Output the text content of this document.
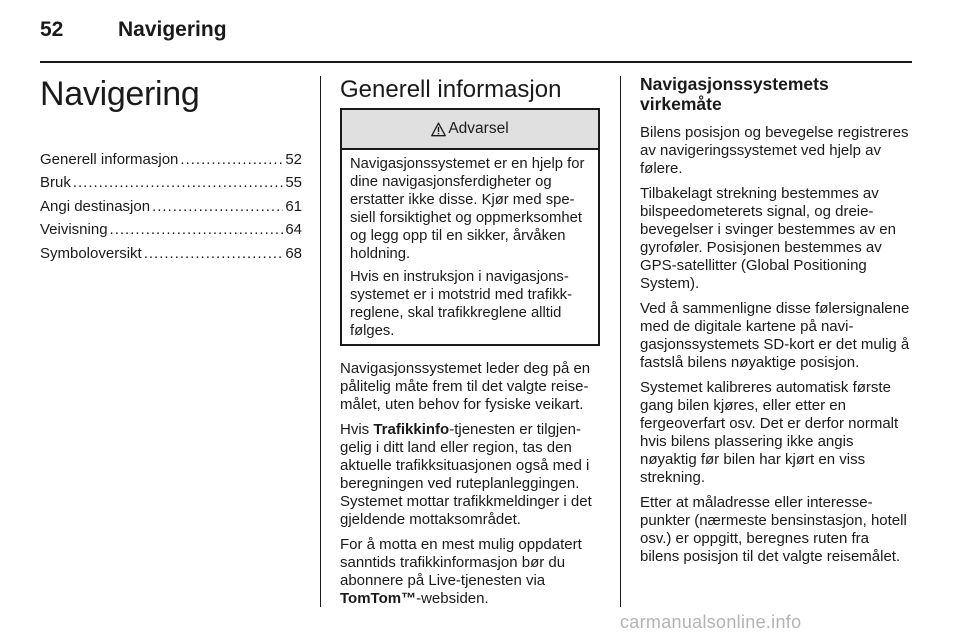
52	Navigering
Navigering
Generell informasjon .....	52
Bruk .....	55
Angi destinasjon .....	61
Veivisning .....	64
Symboloversikt .....	68
Generell informasjon
Advarsel

Navigasjonssystemet er en hjelp for dine navigasjonsferdigheter og erstatter ikke disse. Kjør med spesiell forsiktighet og oppmerksomhet og legg opp til en sikker, årvåken holdning.

Hvis en instruksjon i navigasjonssystemet er i motstrid med trafikkreglene, skal trafikkreglene alltid følges.

Navigasjonssystemet leder deg på en pålitelig måte frem til det valgte reisemålet, uten behov for fysiske veikart.

Hvis Trafikkinfo-tjenesten er tilgjengelig i ditt land eller region, tas den aktuelle trafikksituasjonen også med i beregningen ved ruteplanleggingen. Systemet mottar trafikkmeldinger i det gjeldende mottaksområdet.

For å motta en mest mulig oppdatert sanntids trafikkinformasjon bør du abonnere på Live-tjenesten via TomTom™-websiden.

Navigasjonssystemets virkemåte

Bilens posisjon og bevegelse registreres av navigeringssystemet ved hjelp av følere.

Tilbakelagt strekning bestemmes av bilspeedometerets signal, og dreiebevegelser i svinger bestemmes av en gyroføler. Posisjonen bestemmes av GPS-satellitter (Global Positioning System).

Ved å sammenligne disse følersignalene med de digitale kartene på navigasjonssystemets SD-kort er det mulig å fastslå bilens nøyaktige posisjon.

Systemet kalibreres automatisk første gang bilen kjøres, eller etter en fergeoverfart osv. Det er derfor normalt hvis bilens plassering ikke angis nøyaktig før bilen har kjørt en viss strekning.

Etter at måladresse eller interessepunkter (nærmeste bensinstasjon, hotell osv.) er oppgitt, beregnes ruten fra bilens posisjon til det valgte reisemålet.

carmanualsonline.info
